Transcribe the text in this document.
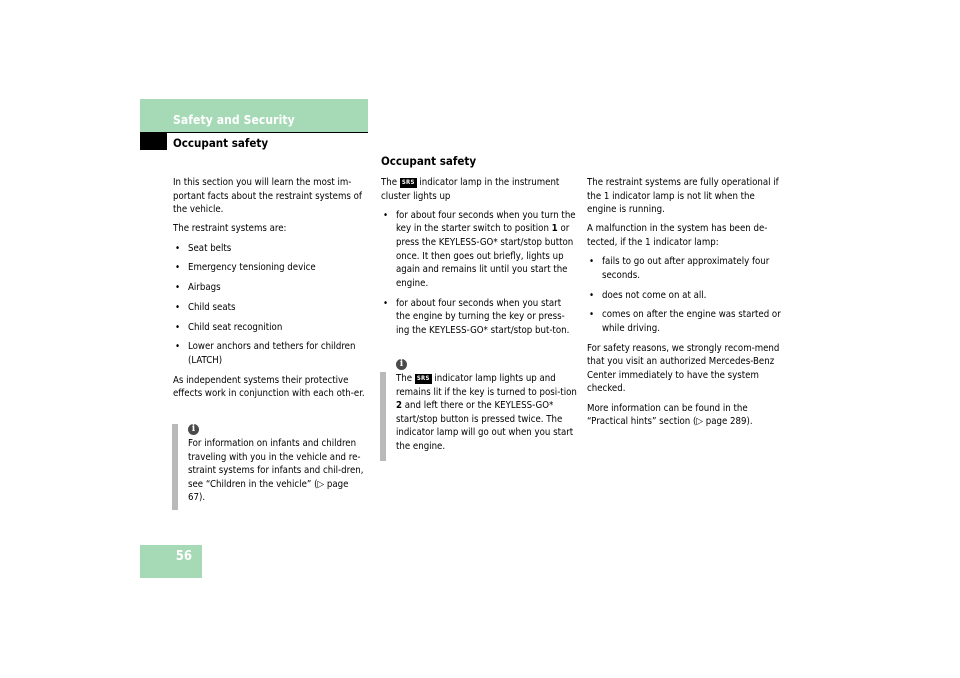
Safety and Security
Occupant safety

In this section you will learn the most im-portant facts about the restraint systems of the vehicle.

The restraint systems are:

• Seat belts
• Emergency tensioning device
• Airbags
• Child seats
• Child seat recognition
• Lower anchors and tethers for children (LATCH)

As independent systems their protective effects work in conjunction with each oth-er.

i
For information on infants and children traveling with you in the vehicle and re-straint systems for infants and chil-dren, see “Children in the vehicle” (▷ page 67).
Occupant safety

The SRS indicator lamp in the instrument cluster lights up

• for about four seconds when you turn the key in the starter switch to position 1 or press the KEYLESS-GO* start/stop button once. It then goes out briefly, lights up again and remains lit until you start the engine.
• for about four seconds when you start the engine by turning the key or press-ing the KEYLESS-GO* start/stop but-ton.
i
The SRS indicator lamp lights up and remains lit if the key is turned to posi-tion 2 and left there or the KEYLESS-GO* start/stop button is pressed twice. The indicator lamp will go out when you start the engine.

The restraint systems are fully operational if the 1 indicator lamp is not lit when the engine is running.

A malfunction in the system has been de-tected, if the 1 indicator lamp:

• fails to go out after approximately four seconds.
• does not come on at all.
• comes on after the engine was started or while driving.

For safety reasons, we strongly recom-mend that you visit an authorized Mercedes-Benz Center immediately to have the system checked.

More information can be found in the “Practical hints” section (▷ page 289).

56
